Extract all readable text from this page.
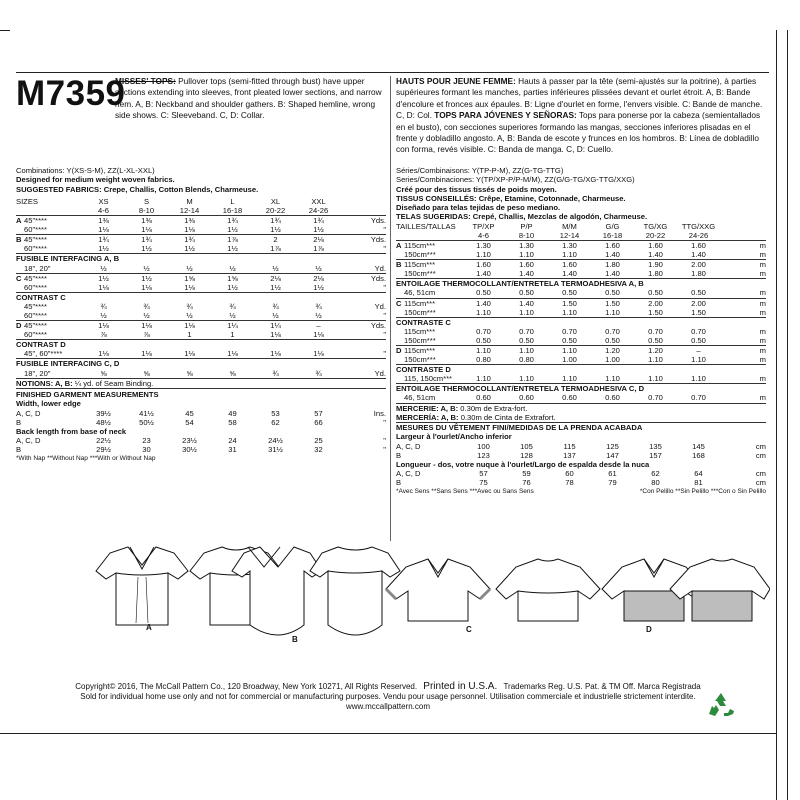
M7359
MISSES' TOPS: Pullover tops (semi-fitted through bust) have upper sections extending into sleeves, front pleated lower sections, and narrow hem. A, B: Neckband and shoulder gathers. B: Shaped hemline, wrong side shows. C: Sleeveband. C, D: Collar.
HAUTS POUR JEUNE FEMME: Hauts à passer par la tête (semi-ajustés sur la poitrine), à parties supérieures formant les manches, parties inférieures plissées devant et ourlet étroit. A, B: Bande d'encolure et fronces aux épaules. B: Ligne d'ourlet en forme, l'envers visible. C: Bande de manche. C, D: Col. TOPS PARA JÓVENES Y SEÑORAS: Tops para ponerse por la cabeza (semientallados en el busto), con secciones superiores formando las mangas, secciones inferiores plisadas en el frente y dobladillo angosto. A, B: Banda de escote y frunces en los hombros. B: Línea de dobladillo con forma, revés visible. C: Banda de manga. C, D: Cuello.
Combinations: Y(XS-S-M), ZZ(L-XL-XXL)
Designed for medium weight woven fabrics.
SUGGESTED FABRICS: Crepe, Challis, Cotton Blends, Charmeuse.
SIZES		XS	S	M	L	XL	XXL	
		4-6	8-10	12-14	16-18	20-22	24-26	
A	45"****	1⅜	1⅜	1⅜	1¾	1¾	1¾	Yds.
	60"****	1⅛	1⅛	1⅛	1½	1½	1½	"
B	45"****	1¾	1¾	1¾	1⅞	2	2⅛	Yds.
	60"****	1½	1½	1½	1½	1⅞	1⅞	"
FUSIBLE INTERFACING A, B								
	18", 20"	½	½	½	½	½	½	Yd.
C	45"****	1½	1½	1⅝	1⅝	2⅛	2⅛	Yds.
	60"****	1⅛	1⅛	1⅛	1½	1½	1½	"
CONTRAST C								
	45"****	¾	¾	¾	¾	¾	¾	Yd.
	60"****	½	½	½	½	½	½	"
D	45"****	1⅛	1⅛	1⅛	1¼	1¼	–	Yds.
	60"****	⅞	⅞	1	1	1⅛	1⅛	"
CONTRAST D								
	45", 60"****	1⅛	1⅛	1⅛	1⅛	1⅛	1⅛	"
FUSIBLE INTERFACING C, D								
	18", 20"	⅝	⅝	⅝	⅝	¾	¾	Yd.
NOTIONS: A, B: ¼ yd. of Seam Binding.
FINISHED GARMENT MEASUREMENTS
Width, lower edge
A, C, D	39½	41½	45	49	53	57	Ins.
B	48½	50½	54	58	62	66	"
Back length from base of neck
A, C, D	22½	23	23½	24	24½	25	"
B	29½	30	30½	31	31½	32	"
*With Nap **Without Nap ***With or Without Nap
Séries/Combinaisons: Y(TP-P-M), ZZ(G-TG-TTG)
Series/Combinaciones: Y(TP/XP-P/P-M/M), ZZ(G/G-TG/XG-TTG/XXG)
Créé pour des tissus tissés de poids moyen.
TISSUS CONSEILLÉS: Crêpe, Etamine, Cotonnade, Charmeuse.
Diseñado para telas tejidas de peso mediano.
TELAS SUGERIDAS: Crepé, Challis, Mezclas de algodón, Charmeuse.
TAILLES/TALLAS		TP/XP	P/P	M/M	G/G	TG/XG	TTG/XXG	
		4-6	8-10	12-14	16-18	20-22	24-26	
A	115cm***	1.30	1.30	1.30	1.60	1.60	1.60	m
	150cm***	1.10	1.10	1.10	1.40	1.40	1.40	m
B	115cm***	1.60	1.60	1.60	1.80	1.90	2.00	m
	150cm***	1.40	1.40	1.40	1.40	1.80	1.80	m
ENTOILAGE THERMOCOLLANT/ENTRETELA TERMOADHESIVA A, B								
	46, 51cm	0.50	0.50	0.50	0.50	0.50	0.50	m
C	115cm***	1.40	1.40	1.50	1.50	2.00	2.00	m
	150cm***	1.10	1.10	1.10	1.10	1.50	1.50	m
CONTRASTE C								
	115cm***	0.70	0.70	0.70	0.70	0.70	0.70	m
	150cm***	0.50	0.50	0.50	0.50	0.50	0.50	m
D	115cm***	1.10	1.10	1.10	1.20	1.20	–	m
	150cm***	0.80	0.80	1.00	1.00	1.10	1.10	m
CONTRASTE D								
	115, 150cm***	1.10	1.10	1.10	1.10	1.10	1.10	m
ENTOILAGE THERMOCOLLANT/ENTRETELA TERMOADHESIVA C, D								
	46, 51cm	0.60	0.60	0.60	0.60	0.70	0.70	m
MERCERIE: A, B: 0.30m de Extra-fort.
MERCERÍA: A, B: 0.30m de Cinta de Extrafort.
MESURES DU VÊTEMENT FINI/MEDIDAS DE LA PRENDA ACABADA
Largeur à l'ourlet/Ancho inferior
A, C, D	100	105	115	125	135	145	cm
B	123	128	137	147	157	168	cm
Longueur - dos, votre nuque à l'ourlet/Largo de espalda desde la nuca
A, C, D	57	59	60	61	62	64	cm
B	75	76	78	79	80	81	cm
*Avec Sens **Sans Sens ***Avec ou Sans Sens	*Con Pelillo **Sin Pelillo ***Con o Sin Pelillo
A
B
C	D
Copyright© 2016, The McCall Pattern Co., 120 Broadway, New York 10271, All Rights Reserved. Printed in U.S.A. Trademarks Reg. U.S. Pat. & TM Off. Marca Registrada
Sold for individual home use only and not for commercial or manufacturing purposes. Vendu pour usage personnel. Utilisation commerciale et industrielle strictement interdite.
www.mccallpattern.com
